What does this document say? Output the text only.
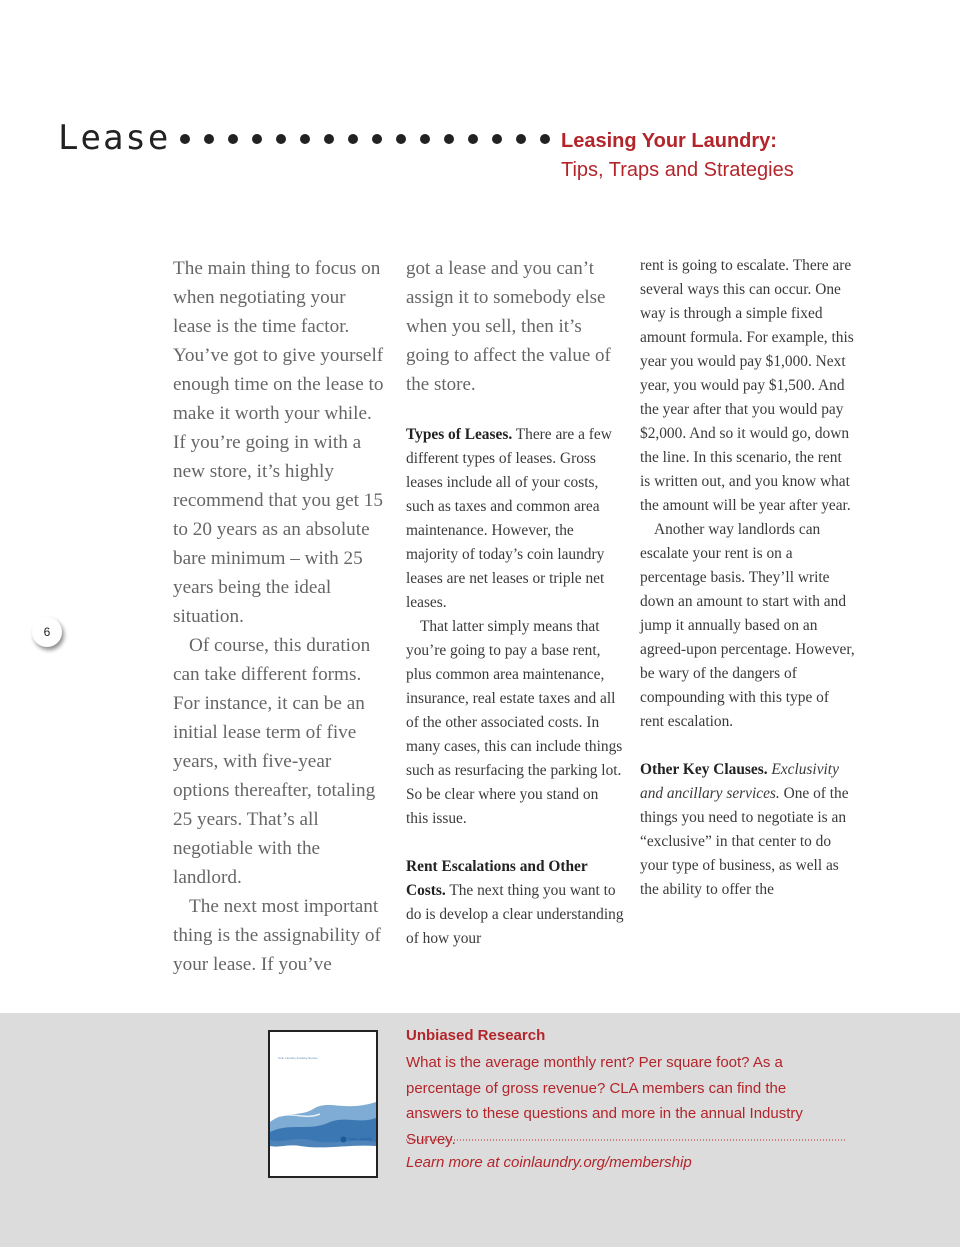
Lease	Leasing Your Laundry:
Tips, Traps and Strategies

The main thing to focus on when negotiating your lease is the time factor. You’ve got to give yourself enough time on the lease to make it worth your while. If you’re going in with a new store, it’s highly recommend that you get 15 to 20 years as an absolute bare minimum – with 25 years being the ideal situation.

Of course, this duration can take different forms. For instance, it can be an initial lease term of five years, with five-year options thereafter, totaling 25 years. That’s all negotiable with the landlord.

The next most important thing is the assignability of your lease. If you’ve

got a lease and you can’t assign it to somebody else when you sell, then it’s going to affect the value of the store.

Types of Leases. There are a few different types of leases. Gross leases include all of your costs, such as taxes and common area maintenance. However, the majority of today’s coin laundry leases are net leases or triple net leases.

That latter simply means that you’re going to pay a base rent, plus common area maintenance, insurance, real estate taxes and all of the other associated costs. In many cases, this can include things such as resurfacing the parking lot. So be clear where you stand on this issue.

Rent Escalations and Other Costs. The next thing you want to do is develop a clear understanding of how your

rent is going to escalate. There are several ways this can occur. One way is through a simple fixed amount formula. For example, this year you would pay $1,000. Next year, you would pay $1,500. And the year after that you would pay $2,000. And so it would go, down the line. In this scenario, the rent is written out, and you know what the amount will be year after year.

Another way landlords can escalate your rent is on a percentage basis. They’ll write down an amount to start with and jump it annually based on an agreed-upon percentage. However, be wary of the dangers of compounding with this type of rent escalation.

Other Key Clauses. Exclusivity and ancillary services. One of the things you need to negotiate is an “exclusive” in that center to do your type of business, as well as the ability to offer the

6
Coin Laundry Industry Survey
Coin Laundry
Unbiased Research
What is the average monthly rent? Per square foot? As a percentage of gross revenue? CLA members can find the answers to these questions and more in the annual Industry Survey.
Learn more at coinlaundry.org/membership
